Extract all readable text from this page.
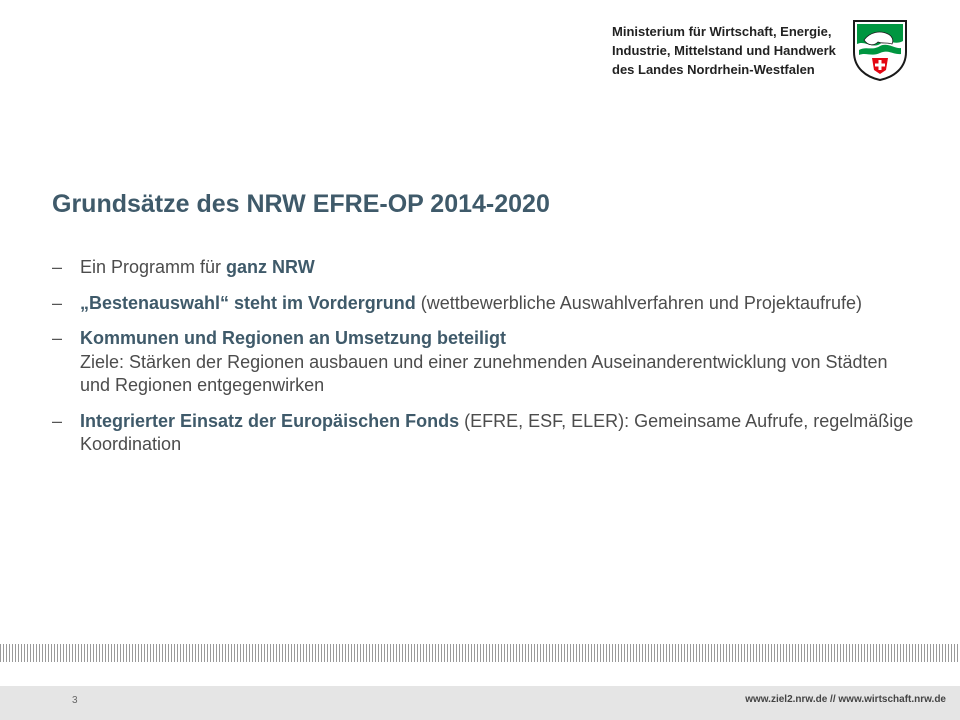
Ministerium für Wirtschaft, Energie,
Industrie, Mittelstand und Handwerk
des Landes Nordrhein-Westfalen
Grundsätze des NRW EFRE-OP 2014-2020
– Ein Programm für ganz NRW
– „Bestenauswahl“ steht im Vordergrund (wettbewerbliche Auswahlverfahren und Projektaufrufe)
– Kommunen und Regionen an Umsetzung beteiligt
Ziele: Stärken der Regionen ausbauen und einer zunehmenden Auseinanderentwicklung von Städten und Regionen entgegenwirken
– Integrierter Einsatz der Europäischen Fonds (EFRE, ESF, ELER): Gemeinsame Aufrufe, regelmäßige Koordination
3	www.ziel2.nrw.de // www.wirtschaft.nrw.de
